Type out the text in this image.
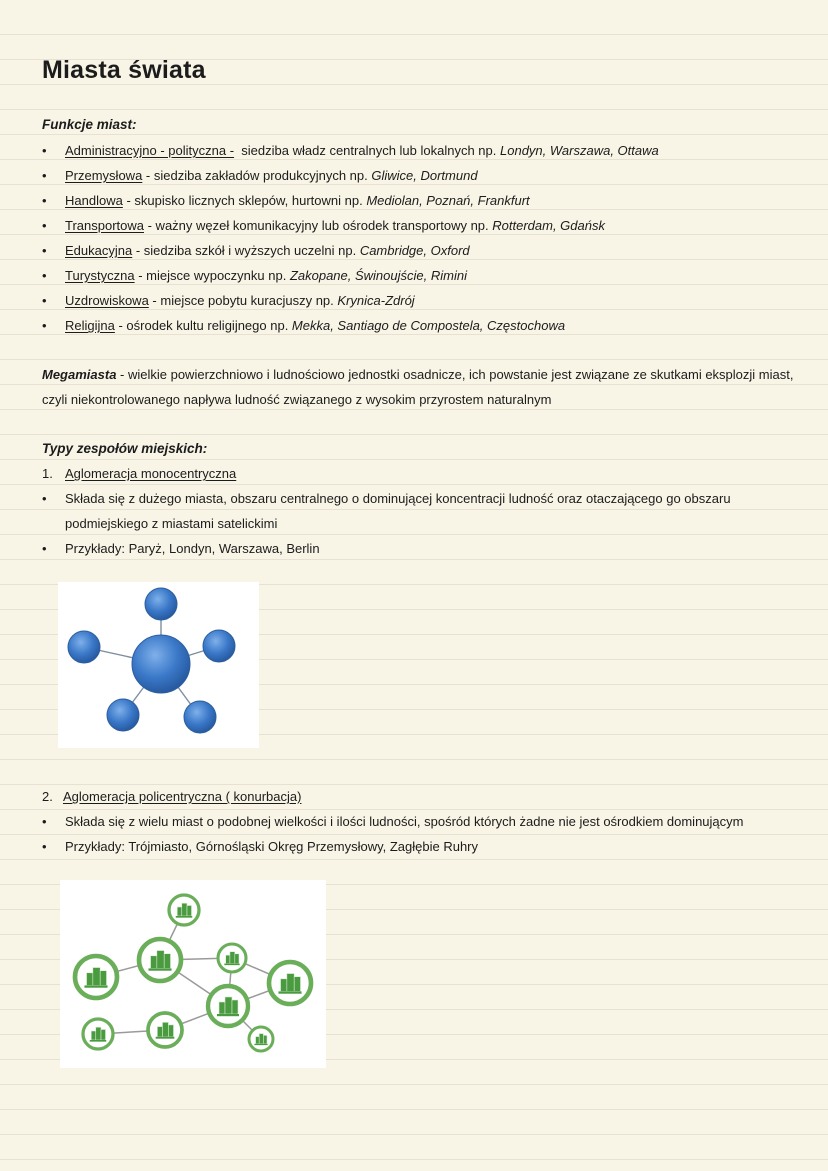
Miasta świata
Funkcje miast:
• Administracyjno - polityczna -  siedziba władz centralnych lub lokalnych np. Londyn, Warszawa, Ottawa
• Przemysłowa - siedziba zakładów produkcyjnych np. Gliwice, Dortmund
• Handlowa - skupisko licznych sklepów, hurtowni np. Mediolan, Poznań, Frankfurt
• Transportowa - ważny węzeł komunikacyjny lub ośrodek transportowy np. Rotterdam, Gdańsk
• Edukacyjna - siedziba szkół i wyższych uczelni np. Cambridge, Oxford
• Turystyczna - miejsce wypoczynku np. Zakopane, Świnoujście, Rimini
• Uzdrowiskowa - miejsce pobytu kuracjuszy np. Krynica-Zdrój
• Religijna - ośrodek kultu religijnego np. Mekka, Santiago de Compostela, Częstochowa
Megamiasta - wielkie powierzchniowo i ludnościowo jednostki osadnicze, ich powstanie jest związane ze skutkami eksplozji miast, czyli niekontrolowanego napływa ludność związanego z wysokim przyrostem naturalnym
Typy zespołów miejskich:
1. Aglomeracja monocentryczna
• Składa się z dużego miasta, obszaru centralnego o dominującej koncentracji ludność oraz otaczającego go obszaru
podmiejskiego z miastami satelickimi
• Przykłady: Paryż, Londyn, Warszawa, Berlin
2. Aglomeracja policentryczna ( konurbacja)
• Składa się z wielu miast o podobnej wielkości i ilości ludności, spośród których żadne nie jest ośrodkiem dominującym
• Przykłady: Trójmiasto, Górnośląski Okręg Przemysłowy, Zagłębie Ruhry
